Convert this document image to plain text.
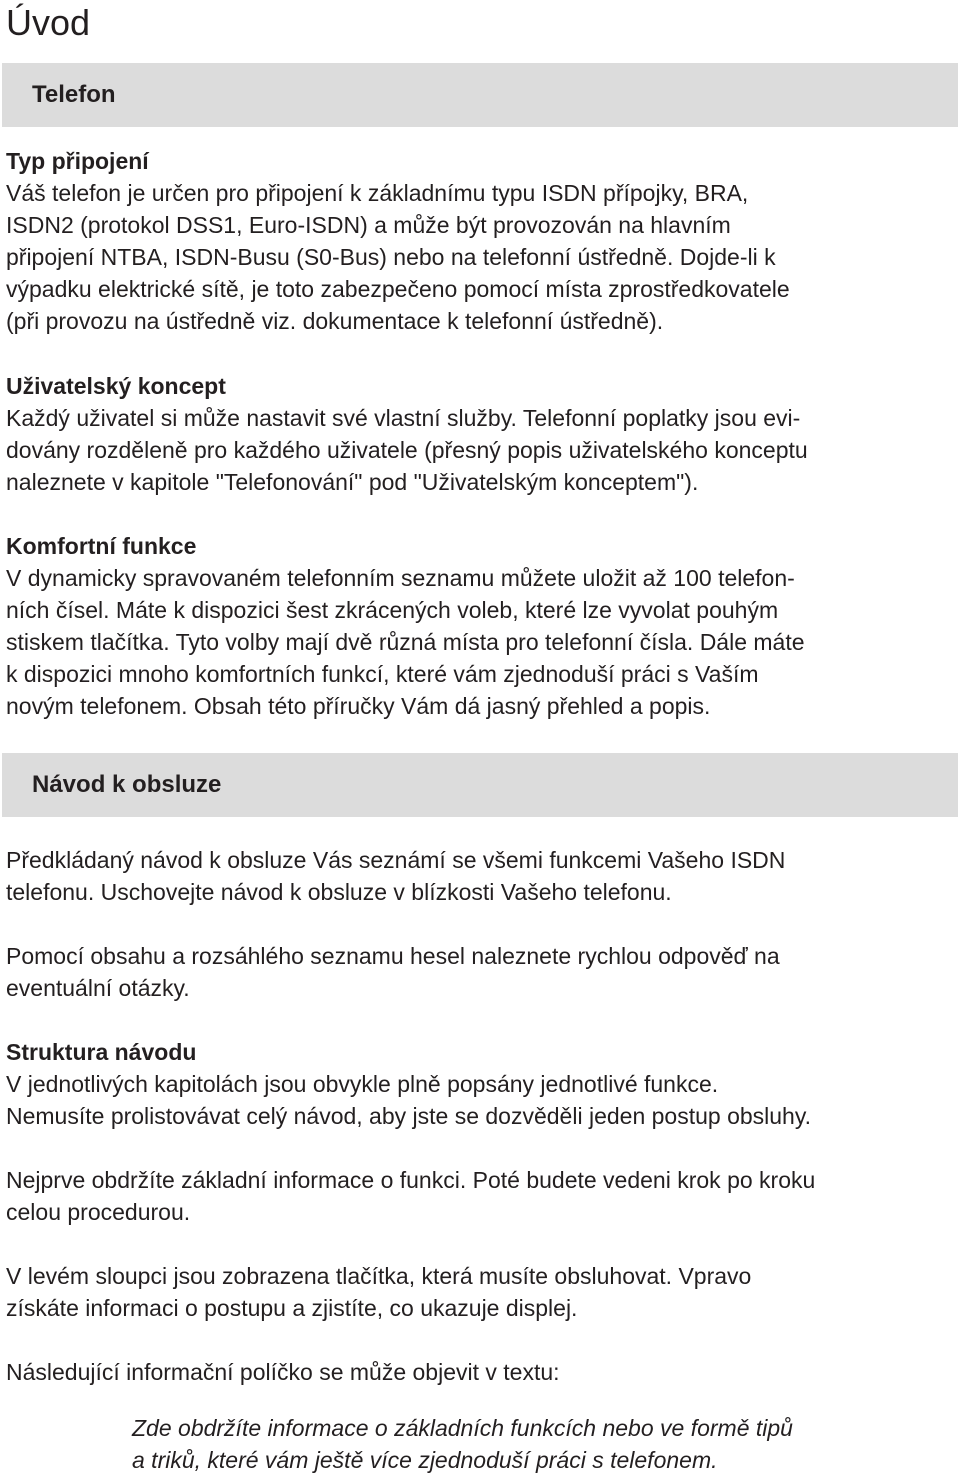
Úvod
Telefon
Typ připojení

Váš telefon je určen pro připojení k základnímu typu ISDN přípojky, BRA,

ISDN2 (protokol DSS1, Euro-ISDN) a může být provozován na hlavním

připojení NTBA, ISDN-Busu (S0-Bus) nebo na telefonní ústředně. Dojde-li k

výpadku elektrické sítě, je toto zabezpečeno pomocí místa zprostředkovatele

(při provozu na ústředně viz. dokumentace k telefonní ústředně).

Uživatelský koncept

Každý uživatel si může nastavit své vlastní služby. Telefonní poplatky jsou evi-

dovány rozděleně pro každého uživatele (přesný popis uživatelského konceptu

naleznete v kapitole "Telefonování" pod "Uživatelským konceptem").

Komfortní funkce

V dynamicky spravovaném telefonním seznamu můžete uložit až 100 telefon-

ních čísel. Máte k dispozici šest zkrácených voleb, které lze vyvolat pouhým

stiskem tlačítka. Tyto volby mají dvě různá místa pro telefonní čísla. Dále máte

k dispozici mnoho komfortních funkcí, které vám zjednoduší práci s Vaším

novým telefonem. Obsah této příručky Vám dá jasný přehled a popis.

Návod k obsluze

Předkládaný návod k obsluze Vás seznámí se všemi funkcemi Vašeho ISDN

telefonu. Uschovejte návod k obsluze v blízkosti Vašeho telefonu.

Pomocí obsahu a rozsáhlého seznamu hesel naleznete rychlou odpověď na

eventuální otázky.

Struktura návodu

V jednotlivých kapitolách jsou obvykle plně popsány jednotlivé funkce.

Nemusíte prolistovávat celý návod, aby jste se dozvěděli jeden postup obsluhy.

Nejprve obdržíte základní informace o funkci. Poté budete vedeni krok po kroku

celou procedurou.

V levém sloupci jsou zobrazena tlačítka, která musíte obsluhovat. Vpravo

získáte informaci o postupu a zjistíte, co ukazuje displej.

Následující informační políčko se může objevit v textu:

Zde obdržíte informace o základních funkcích nebo ve formě tipů

a triků, které vám ještě více zjednoduší práci s telefonem.
